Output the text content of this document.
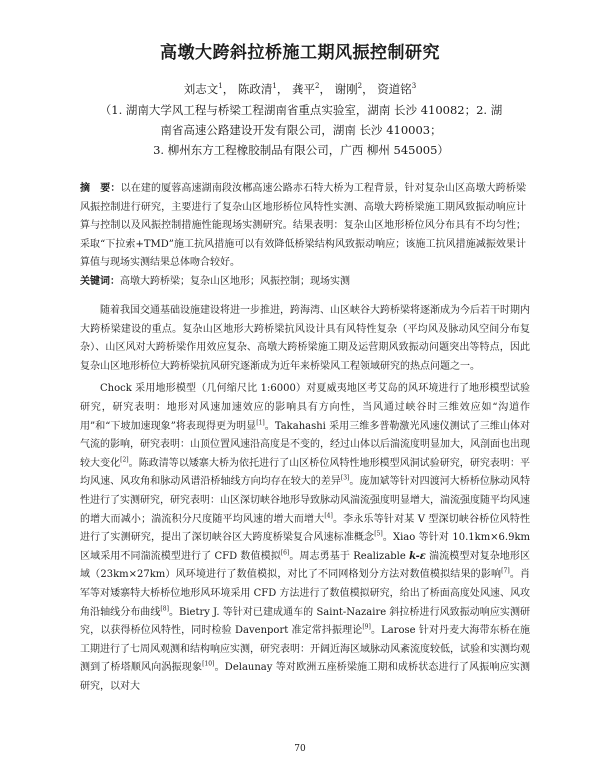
高墩大跨斜拉桥施工期风振控制研究
刘志文$^1$， 陈政清$^1$， 龚平$^2$， 谢刚$^2$， 资道铭$^3$
（1. 湖南大学风工程与桥梁工程湖南省重点实验室，湖南 长沙 410082；2. 湖南省高速公路建设开发有限公司，湖南 长沙 410003；
3. 柳州东方工程橡胶制品有限公司，广西 柳州 545005）
摘　要：以在建的厦蓉高速湖南段汝郴高速公路赤石特大桥为工程背景，针对复杂山区高墩大跨桥梁风振控制进行研究，主要进行了复杂山区地形桥位风特性实测、高墩大跨桥梁施工期风致振动响应计算与控制以及风振控制措施性能现场实测研究。结果表明：复杂山区地形桥位风分布具有不均匀性；采取“下拉索+TMD”施工抗风措施可以有效降低桥梁结构风致振动响应；该施工抗风措施减振效果计算值与现场实测结果总体吻合较好。
关键词：高墩大跨桥梁；复杂山区地形；风振控制；现场实测

随着我国交通基础设施建设将进一步推进，跨海湾、山区峡谷大跨桥梁将逐渐成为今后若干时期内大跨桥梁建设的重点。复杂山区地形大跨桥梁抗风设计具有风特性复杂（平均风及脉动风空间分布复杂）、山区风对大跨桥梁作用效应复杂、高墩大跨桥梁施工期及运营期风致振动问题突出等特点，因此复杂山区地形桥位大跨桥梁抗风研究逐渐成为近年来桥梁风工程领域研究的热点问题之一。

Chock 采用地形模型（几何缩尺比 1:6000）对夏威夷地区考艾岛的风环境进行了地形模型试验研究，研究表明：地形对风速加速效应的影响具有方向性，当风通过峡谷时三维效应如“沟道作用”和“下坡加速现象”将表现得更为明显[1]。Takahashi 采用三维多普勒激光风速仪测试了三维山体对气流的影响，研究表明：山顶位置风速沿高度是不变的，经过山体以后湍流度明显加大，风剖面也出现较大变化[2]。陈政清等以矮寨大桥为依托进行了山区桥位风特性地形模型风洞试验研究，研究表明：平均风速、风攻角和脉动风谱沿桥轴线方向均存在较大的差异[3]。庞加斌等针对四渡河大桥桥位脉动风特性进行了实测研究，研究表明：山区深切峡谷地形导致脉动风湍流强度明显增大，湍流强度随平均风速的增大而减小；湍流积分尺度随平均风速的增大而增大[4]。李永乐等针对某 V 型深切峡谷桥位风特性进行了实测研究，提出了深切峡谷区大跨度桥梁复合风速标准概念[5]。Xiao 等针对 10.1km×6.9km 区域采用不同湍流模型进行了 CFD 数值模拟[6]。周志勇基于 Realizable k-ε 湍流模型对复杂地形区域（23km×27km）风环境进行了数值模拟，对比了不同网格划分方法对数值模拟结果的影响[7]。肖军等对矮寨特大桥桥位地形风环境采用 CFD 方法进行了数值模拟研究，给出了桥面高度处风速、风攻角沿轴线分布曲线[8]。Bietry J. 等针对已建成通车的 Saint-Nazaire 斜拉桥进行风致振动响应实测研究，以获得桥位风特性，同时检验 Davenport 准定常抖振理论[9]。Larose 针对丹麦大海带东桥在施工期进行了七周风观测和结构响应实测，研究表明：开阔近海区域脉动风紊流度较低，试验和实测均观测到了桥塔顺风向涡振现象[10]。Delaunay 等对欧洲五座桥梁施工期和成桥状态进行了风振响应实测研究，以对大

70
